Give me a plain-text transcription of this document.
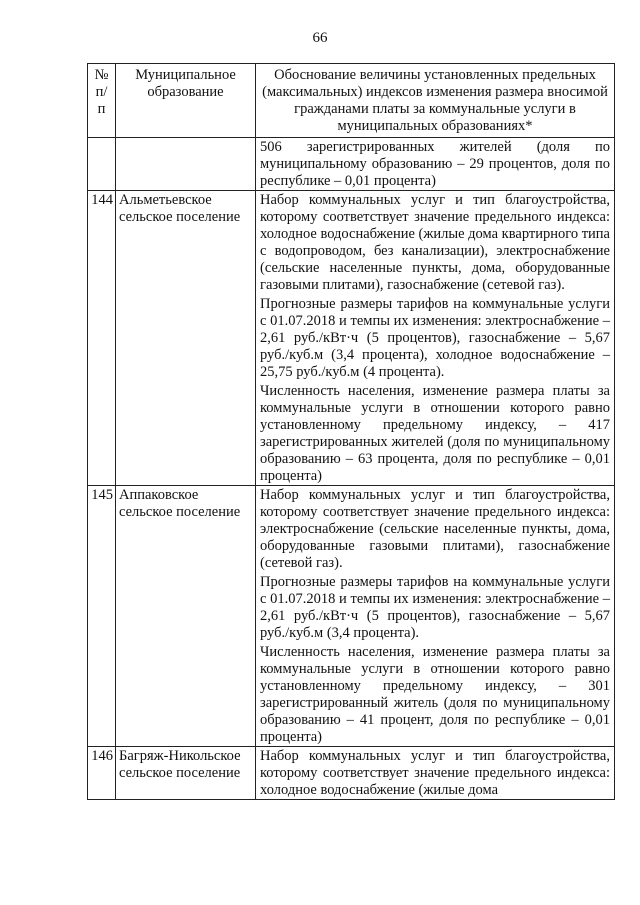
66
№ п/п	Муниципальное образование	Обоснование величины установленных предельных (максимальных) индексов изменения размера вносимой гражданами платы за коммунальные услуги в муниципальных образованиях*

		506 зарегистрированных жителей (доля по муниципальному образованию – 29 процентов, доля по республике – 0,01 процента)

144	Альметьевское сельское поселение	Набор коммунальных услуг и тип благоустройства, которому соответствует значение предельного индекса: холодное водоснабжение (жилые дома квартирного типа с водопроводом, без канализации), электроснабжение (сельские населенные пункты, дома, оборудованные газовыми плитами), газоснабжение (сетевой газ).

Прогнозные размеры тарифов на коммунальные услуги с 01.07.2018 и темпы их изменения: электроснабжение – 2,61 руб./кВт·ч (5 процентов), газоснабжение – 5,67 руб./куб.м (3,4 процента), холодное водоснабжение – 25,75 руб./куб.м (4 процента).

Численность населения, изменение размера платы за коммунальные услуги в отношении которого равно установленному предельному индексу, – 417 зарегистрированных жителей (доля по муниципальному образованию – 63 процента, доля по республике – 0,01 процента)

145	Аппаковское сельское поселение	Набор коммунальных услуг и тип благоустройства, которому соответствует значение предельного индекса: электроснабжение (сельские населенные пункты, дома, оборудованные газовыми плитами), газоснабжение (сетевой газ).

Прогнозные размеры тарифов на коммунальные услуги с 01.07.2018 и темпы их изменения: электроснабжение – 2,61 руб./кВт·ч (5 процентов), газоснабжение – 5,67 руб./куб.м (3,4 процента).

Численность населения, изменение размера платы за коммунальные услуги в отношении которого равно установленному предельному индексу, – 301 зарегистрированный житель (доля по муниципальному образованию – 41 процент, доля по республике – 0,01 процента)

146	Багряж-Никольское сельское поселение	Набор коммунальных услуг и тип благоустройства, которому соответствует значение предельного индекса: холодное водоснабжение (жилые дома
